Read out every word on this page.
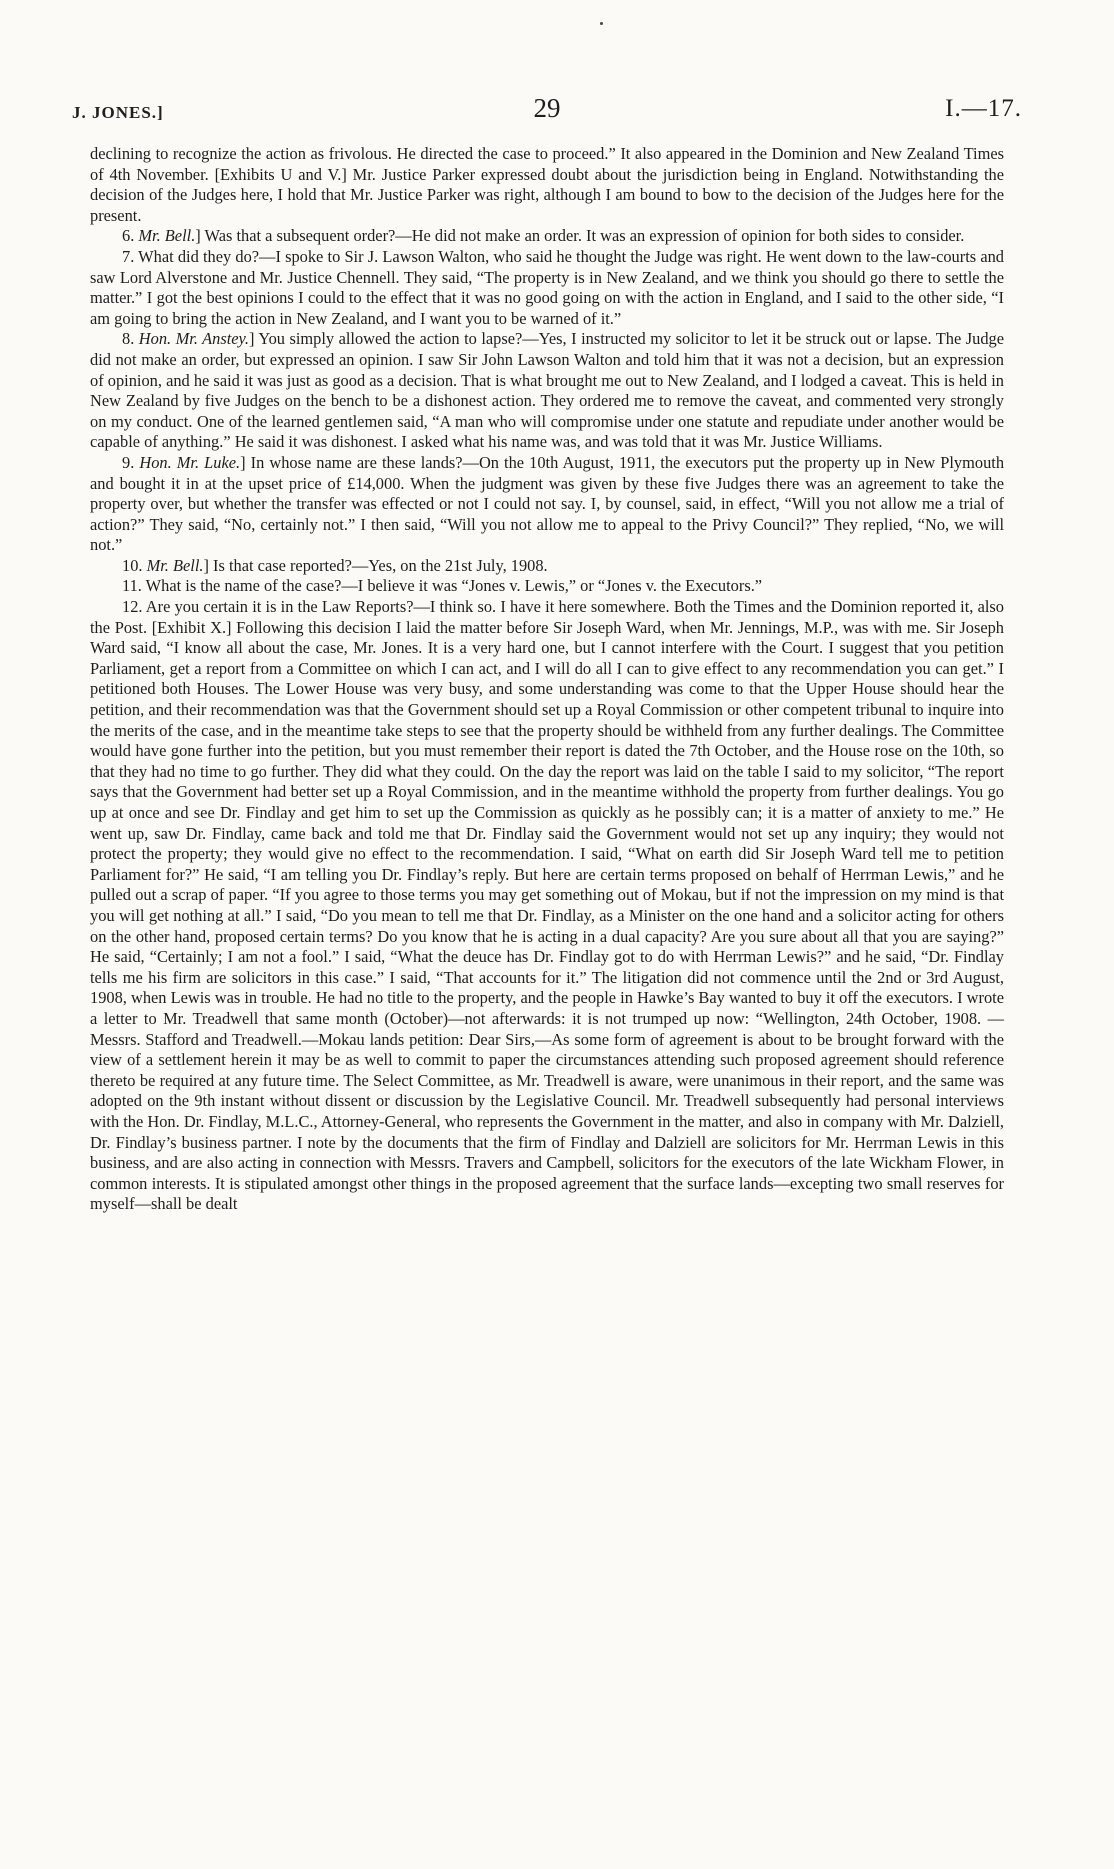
J. JONES.]	29	I.—17.

declining to recognize the action as frivolous. He directed the case to proceed.” It also appeared in the Dominion and New Zealand Times of 4th November. [Exhibits U and V.] Mr. Justice Parker expressed doubt about the jurisdiction being in England. Notwithstanding the decision of the Judges here, I hold that Mr. Justice Parker was right, although I am bound to bow to the decision of the Judges here for the present.

6. Mr. Bell.] Was that a subsequent order?—He did not make an order. It was an expression of opinion for both sides to consider.

7. What did they do?—I spoke to Sir J. Lawson Walton, who said he thought the Judge was right. He went down to the law-courts and saw Lord Alverstone and Mr. Justice Chennell. They said, “The property is in New Zealand, and we think you should go there to settle the matter.” I got the best opinions I could to the effect that it was no good going on with the action in England, and I said to the other side, “I am going to bring the action in New Zealand, and I want you to be warned of it.”

8. Hon. Mr. Anstey.] You simply allowed the action to lapse?—Yes, I instructed my solicitor to let it be struck out or lapse. The Judge did not make an order, but expressed an opinion. I saw Sir John Lawson Walton and told him that it was not a decision, but an expression of opinion, and he said it was just as good as a decision. That is what brought me out to New Zealand, and I lodged a caveat. This is held in New Zealand by five Judges on the bench to be a dishonest action. They ordered me to remove the caveat, and commented very strongly on my conduct. One of the learned gentlemen said, “A man who will compromise under one statute and repudiate under another would be capable of anything.” He said it was dishonest. I asked what his name was, and was told that it was Mr. Justice Williams.

9. Hon. Mr. Luke.] In whose name are these lands?—On the 10th August, 1911, the executors put the property up in New Plymouth and bought it in at the upset price of £14,000. When the judgment was given by these five Judges there was an agreement to take the property over, but whether the transfer was effected or not I could not say. I, by counsel, said, in effect, “Will you not allow me a trial of action?” They said, “No, certainly not.” I then said, “Will you not allow me to appeal to the Privy Council?” They replied, “No, we will not.”

10. Mr. Bell.] Is that case reported?—Yes, on the 21st July, 1908.

11. What is the name of the case?—I believe it was “Jones v. Lewis,” or “Jones v. the Executors.”

12. Are you certain it is in the Law Reports?—I think so. I have it here somewhere. Both the Times and the Dominion reported it, also the Post. [Exhibit X.] Following this decision I laid the matter before Sir Joseph Ward, when Mr. Jennings, M.P., was with me. Sir Joseph Ward said, “I know all about the case, Mr. Jones. It is a very hard one, but I cannot interfere with the Court. I suggest that you petition Parliament, get a report from a Committee on which I can act, and I will do all I can to give effect to any recommendation you can get.” I petitioned both Houses. The Lower House was very busy, and some understanding was come to that the Upper House should hear the petition, and their recommendation was that the Government should set up a Royal Commission or other competent tribunal to inquire into the merits of the case, and in the meantime take steps to see that the property should be withheld from any further dealings. The Committee would have gone further into the petition, but you must remember their report is dated the 7th October, and the House rose on the 10th, so that they had no time to go further. They did what they could. On the day the report was laid on the table I said to my solicitor, “The report says that the Government had better set up a Royal Commission, and in the meantime withhold the property from further dealings. You go up at once and see Dr. Findlay and get him to set up the Commission as quickly as he possibly can; it is a matter of anxiety to me.” He went up, saw Dr. Findlay, came back and told me that Dr. Findlay said the Government would not set up any inquiry; they would not protect the property; they would give no effect to the recommendation. I said, “What on earth did Sir Joseph Ward tell me to petition Parliament for?” He said, “I am telling you Dr. Findlay’s reply. But here are certain terms proposed on behalf of Herrman Lewis,” and he pulled out a scrap of paper. “If you agree to those terms you may get something out of Mokau, but if not the impression on my mind is that you will get nothing at all.” I said, “Do you mean to tell me that Dr. Findlay, as a Minister on the one hand and a solicitor acting for others on the other hand, proposed certain terms? Do you know that he is acting in a dual capacity? Are you sure about all that you are saying?” He said, “Certainly; I am not a fool.” I said, “What the deuce has Dr. Findlay got to do with Herrman Lewis?” and he said, “Dr. Findlay tells me his firm are solicitors in this case.” I said, “That accounts for it.” The litigation did not commence until the 2nd or 3rd August, 1908, when Lewis was in trouble. He had no title to the property, and the people in Hawke’s Bay wanted to buy it off the executors. I wrote a letter to Mr. Treadwell that same month (October)—not afterwards: it is not trumped up now: “Wellington, 24th October, 1908. —Messrs. Stafford and Treadwell.—Mokau lands petition: Dear Sirs,—As some form of agreement is about to be brought forward with the view of a settlement herein it may be as well to commit to paper the circumstances attending such proposed agreement should reference thereto be required at any future time. The Select Committee, as Mr. Treadwell is aware, were unanimous in their report, and the same was adopted on the 9th instant without dissent or discussion by the Legislative Council. Mr. Treadwell subsequently had personal interviews with the Hon. Dr. Findlay, M.L.C., Attorney-General, who represents the Government in the matter, and also in company with Mr. Dalziell, Dr. Findlay’s business partner. I note by the documents that the firm of Findlay and Dalziell are solicitors for Mr. Herrman Lewis in this business, and are also acting in connection with Messrs. Travers and Campbell, solicitors for the executors of the late Wickham Flower, in common interests. It is stipulated amongst other things in the proposed agreement that the surface lands—excepting two small reserves for myself—shall be dealt
